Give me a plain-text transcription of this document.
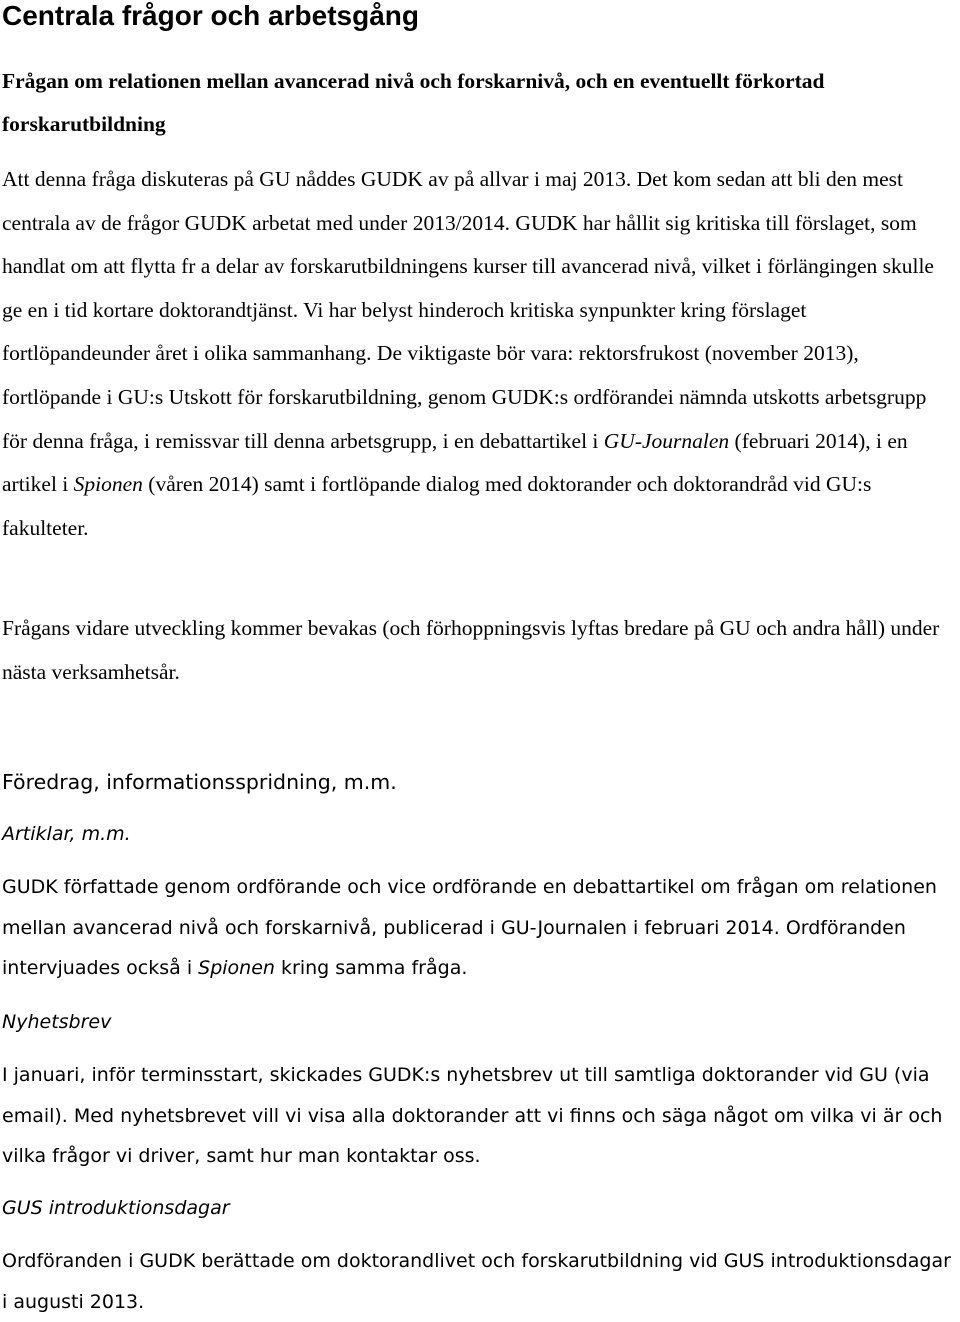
Centrala frågor och arbetsgång
Frågan om relationen mellan avancerad nivå och forskarnivå, och en eventuellt förkortad forskarutbildning

Att denna fråga diskuteras på GU nåddes GUDK av på allvar i maj 2013. Det kom sedan att bli den mest centrala av de frågor GUDK arbetat med under 2013/2014. GUDK har hållit sig kritiska till förslaget, som handlat om att flytta fr a delar av forskarutbildningens kurser till avancerad nivå, vilket i förlängingen skulle ge en i tid kortare doktorandtjänst. Vi har belyst hinderoch kritiska synpunkter kring förslaget fortlöpandeunder året i olika sammanhang. De viktigaste bör vara: rektorsfrukost (november 2013), fortlöpande i GU:s Utskott för forskarutbildning, genom GUDK:s ordförandei nämnda utskotts arbetsgrupp för denna fråga, i remissvar till denna arbetsgrupp, i en debattartikel i GU-Journalen (februari 2014), i en artikel i Spionen (våren 2014) samt i fortlöpande dialog med doktorander och doktorandråd vid GU:s fakulteter.

Frågans vidare utveckling kommer bevakas (och förhoppningsvis lyftas bredare på GU och andra håll) under nästa verksamhetsår.

Föredrag, informationsspridning, m.m.
Artiklar, m.m.

GUDK författade genom ordförande och vice ordförande en debattartikel om frågan om relationen mellan avancerad nivå och forskarnivå, publicerad i GU-Journalen i februari 2014. Ordföranden intervjuades också i Spionen kring samma fråga.

Nyhetsbrev

I januari, inför terminsstart, skickades GUDK:s nyhetsbrev ut till samtliga doktorander vid GU (via email). Med nyhetsbrevet vill vi visa alla doktorander att vi finns och säga något om vilka vi är och vilka frågor vi driver, samt hur man kontaktar oss.

GUS introduktionsdagar

Ordföranden i GUDK berättade om doktorandlivet och forskarutbildning vid GUS introduktionsdagar i augusti 2013.
